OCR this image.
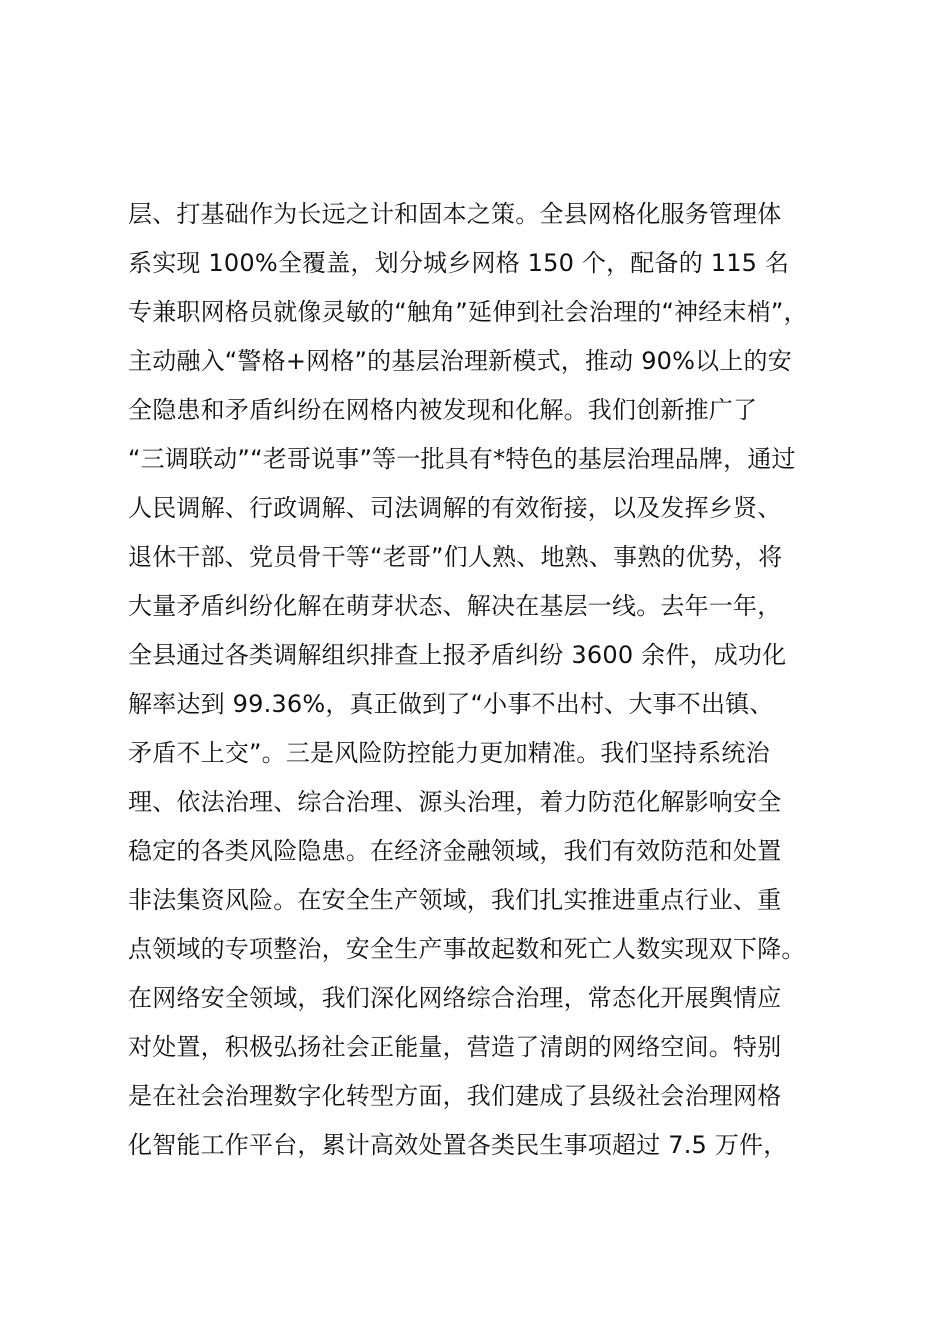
层、打基础作为长远之计和固本之策。全县网格化服务管理体
系实现 100%全覆盖，划分城乡网格 150 个，配备的 115 名
专兼职网格员就像灵敏的“触角”延伸到社会治理的“神经末梢”，
主动融入“警格+网格”的基层治理新模式，推动 90%以上的安
全隐患和矛盾纠纷在网格内被发现和化解。我们创新推广了
“三调联动”“老哥说事”等一批具有*特色的基层治理品牌，通过
人民调解、行政调解、司法调解的有效衔接，以及发挥乡贤、
退休干部、党员骨干等“老哥”们人熟、地熟、事熟的优势，将
大量矛盾纠纷化解在萌芽状态、解决在基层一线。去年一年，
全县通过各类调解组织排查上报矛盾纠纷 3600 余件，成功化
解率达到 99.36%，真正做到了“小事不出村、大事不出镇、
矛盾不上交”。三是风险防控能力更加精准。我们坚持系统治
理、依法治理、综合治理、源头治理，着力防范化解影响安全
稳定的各类风险隐患。在经济金融领域，我们有效防范和处置
非法集资风险。在安全生产领域，我们扎实推进重点行业、重
点领域的专项整治，安全生产事故起数和死亡人数实现双下降。
在网络安全领域，我们深化网络综合治理，常态化开展舆情应
对处置，积极弘扬社会正能量，营造了清朗的网络空间。特别
是在社会治理数字化转型方面，我们建成了县级社会治理网格
化智能工作平台，累计高效处置各类民生事项超过 7.5 万件，
